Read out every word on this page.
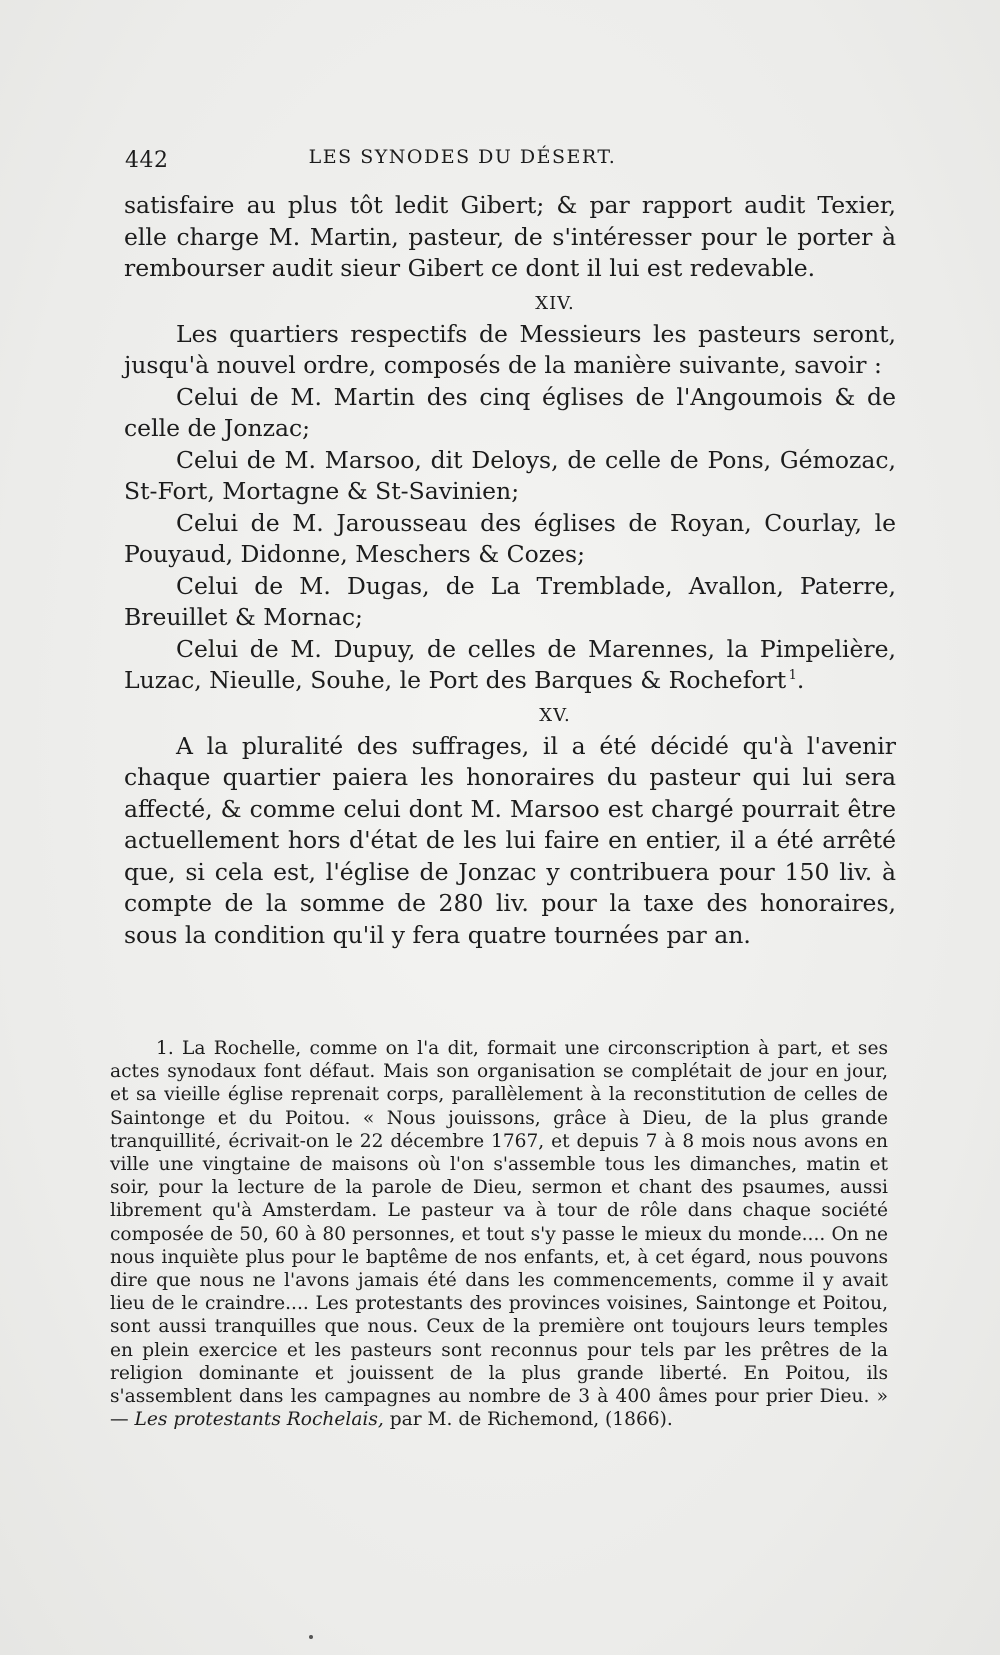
442	LES SYNODES DU DÉSERT.

satisfaire au plus tôt ledit Gibert; & par rapport audit Texier, elle charge M. Martin, pasteur, de s'intéresser pour le porter à rembourser audit sieur Gibert ce dont il lui est redevable.

XIV.

Les quartiers respectifs de Messieurs les pasteurs seront, jusqu'à nouvel ordre, composés de la manière suivante, savoir :

Celui de M. Martin des cinq églises de l'Angoumois & de celle de Jonzac;

Celui de M. Marsoo, dit Deloys, de celle de Pons, Gémozac, St-Fort, Mortagne & St-Savinien;

Celui de M. Jarousseau des églises de Royan, Courlay, le Pouyaud, Didonne, Meschers & Cozes;

Celui de M. Dugas, de La Tremblade, Avallon, Paterre, Breuillet & Mornac;

Celui de M. Dupuy, de celles de Marennes, la Pimpelière, Luzac, Nieulle, Souhe, le Port des Barques & Rochefort  $^1$.

XV.

A la pluralité des suffrages, il a été décidé qu'à l'avenir chaque quartier paiera les honoraires du pasteur qui lui sera affecté, & comme celui dont M. Marsoo est chargé pourrait être actuellement hors d'état de les lui faire en entier, il a été arrêté que, si cela est, l'église de Jonzac y contribuera pour 150 liv. à compte de la somme de 280 liv. pour la taxe des honoraires, sous la condition qu'il y fera quatre tournées par an.

1. La Rochelle, comme on l'a dit, formait une circonscription à part, et ses actes synodaux font défaut. Mais son organisation se complétait de jour en jour, et sa vieille église reprenait corps, parallèlement à la reconstitution de celles de Saintonge et du Poitou. « Nous jouissons, grâce à Dieu, de la plus grande tranquillité, écrivait-on le 22 décembre 1767, et depuis 7 à 8 mois nous avons en ville une vingtaine de maisons où l'on s'assemble tous les dimanches, matin et soir, pour la lecture de la parole de Dieu, sermon et chant des psaumes, aussi librement qu'à Amsterdam. Le pasteur va à tour de rôle dans chaque société composée de 50, 60 à 80 personnes, et tout s'y passe le mieux du monde.... On ne nous inquiète plus pour le baptême de nos enfants, et, à cet égard, nous pouvons dire que nous ne l'avons jamais été dans les commencements, comme il y avait lieu de le craindre.... Les protestants des provinces voisines, Saintonge et Poitou, sont aussi tranquilles que nous. Ceux de la première ont toujours leurs temples en plein exercice et les pasteurs sont reconnus pour tels par les prêtres de la religion dominante et jouissent de la plus grande liberté. En Poitou, ils s'assemblent dans les campagnes au nombre de 3 à 400 âmes pour prier Dieu. » — Les protestants Rochelais, par M. de Richemond, (1866).
